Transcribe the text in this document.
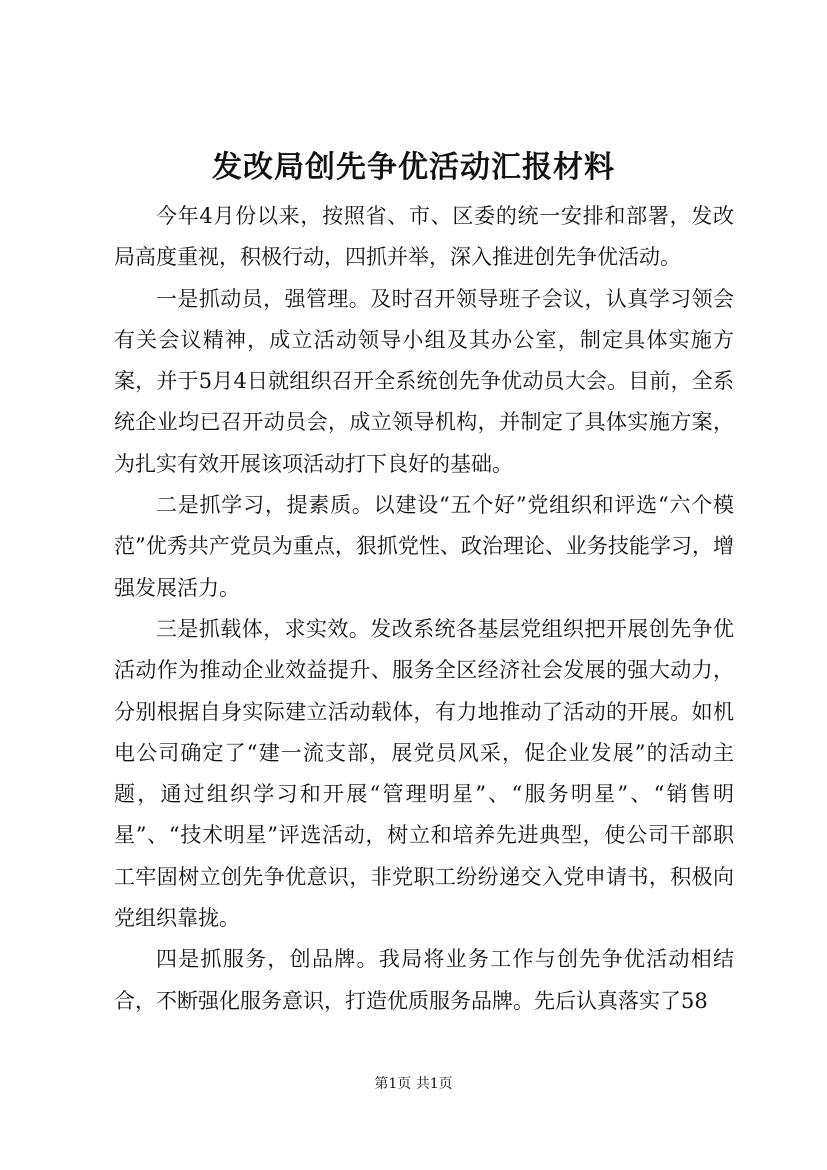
发改局创先争优活动汇报材料

今年4月份以来，按照省、市、区委的统一安排和部署，发改局高度重视，积极行动，四抓并举，深入推进创先争优活动。

一是抓动员，强管理。及时召开领导班子会议，认真学习领会有关会议精神，成立活动领导小组及其办公室，制定具体实施方案，并于5月4日就组织召开全系统创先争优动员大会。目前，全系统企业均已召开动员会，成立领导机构，并制定了具体实施方案，为扎实有效开展该项活动打下良好的基础。

二是抓学习，提素质。以建设“五个好”党组织和评选“六个模范”优秀共产党员为重点，狠抓党性、政治理论、业务技能学习，增强发展活力。

三是抓载体，求实效。发改系统各基层党组织把开展创先争优活动作为推动企业效益提升、服务全区经济社会发展的强大动力，分别根据自身实际建立活动载体，有力地推动了活动的开展。如机电公司确定了“建一流支部，展党员风采，促企业发展”的活动主题，通过组织学习和开展“管理明星”、“服务明星”、“销售明星”、“技术明星”评选活动，树立和培养先进典型，使公司干部职工牢固树立创先争优意识，非党职工纷纷递交入党申请书，积极向党组织靠拢。

四是抓服务，创品牌。我局将业务工作与创先争优活动相结合，不断强化服务意识，打造优质服务品牌。先后认真落实了58

第1页 共1页
